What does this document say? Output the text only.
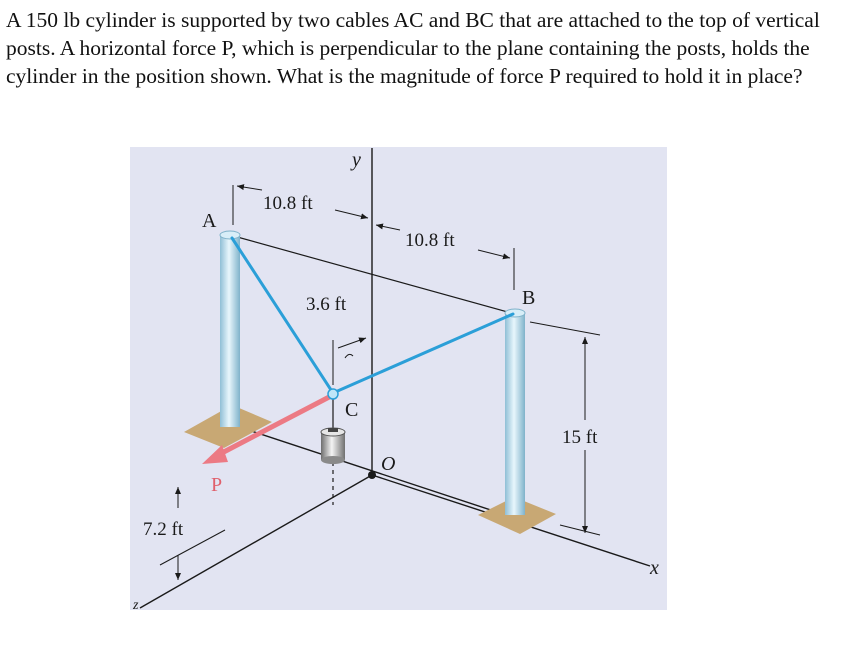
A 150 lb cylinder is supported by two cables AC and BC that are attached to the top of vertical posts. A horizontal force P, which is perpendicular to the plane containing the posts, holds the cylinder in the position shown. What is the magnitude of force P required to hold it in place?
A
B
C
O
P
y
x
z
10.8 ft
10.8 ft
3.6 ft
15 ft
7.2 ft
